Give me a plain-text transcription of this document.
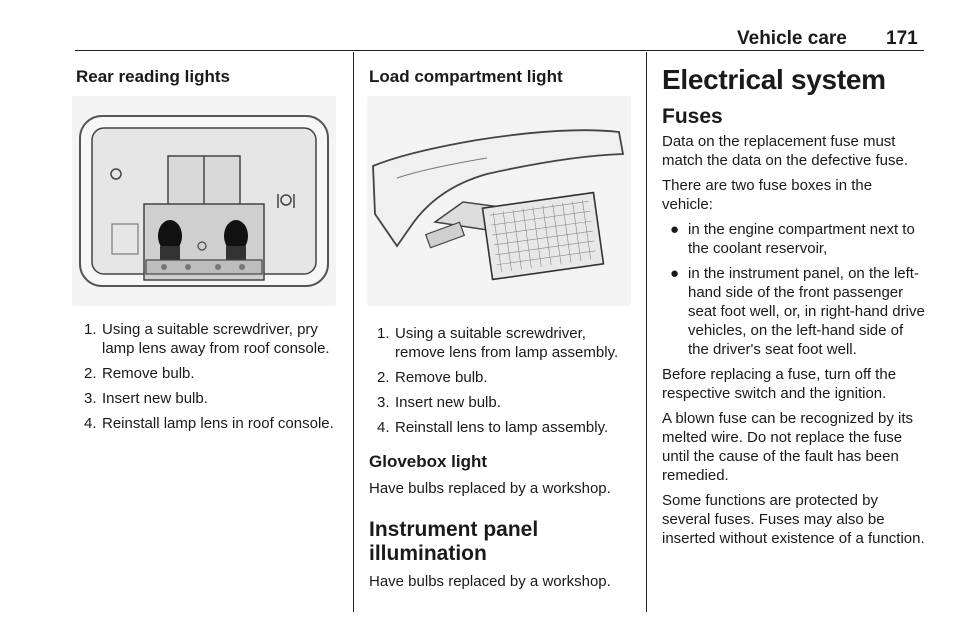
Vehicle care 171
Rear reading lights
1. Using a suitable screwdriver, pry lamp lens away from roof console.
2. Remove bulb.
3. Insert new bulb.
4. Reinstall lamp lens in roof console.
Load compartment light
1. Using a suitable screwdriver, remove lens from lamp assembly.
2. Remove bulb.
3. Insert new bulb.
4. Reinstall lens to lamp assembly.
Glovebox light

Have bulbs replaced by a workshop.

Instrument panel
illumination

Have bulbs replaced by a workshop.

Electrical system
Fuses

Data on the replacement fuse must match the data on the defective fuse.

There are two fuse boxes in the vehicle:

● in the engine compartment next to the coolant reservoir,
● in the instrument panel, on the left-hand side of the front passenger seat foot well, or, in right-hand drive vehicles, on the left-hand side of the driver's seat foot well.

Before replacing a fuse, turn off the respective switch and the ignition.

A blown fuse can be recognized by its melted wire. Do not replace the fuse until the cause of the fault has been remedied.

Some functions are protected by several fuses. Fuses may also be inserted without existence of a function.
